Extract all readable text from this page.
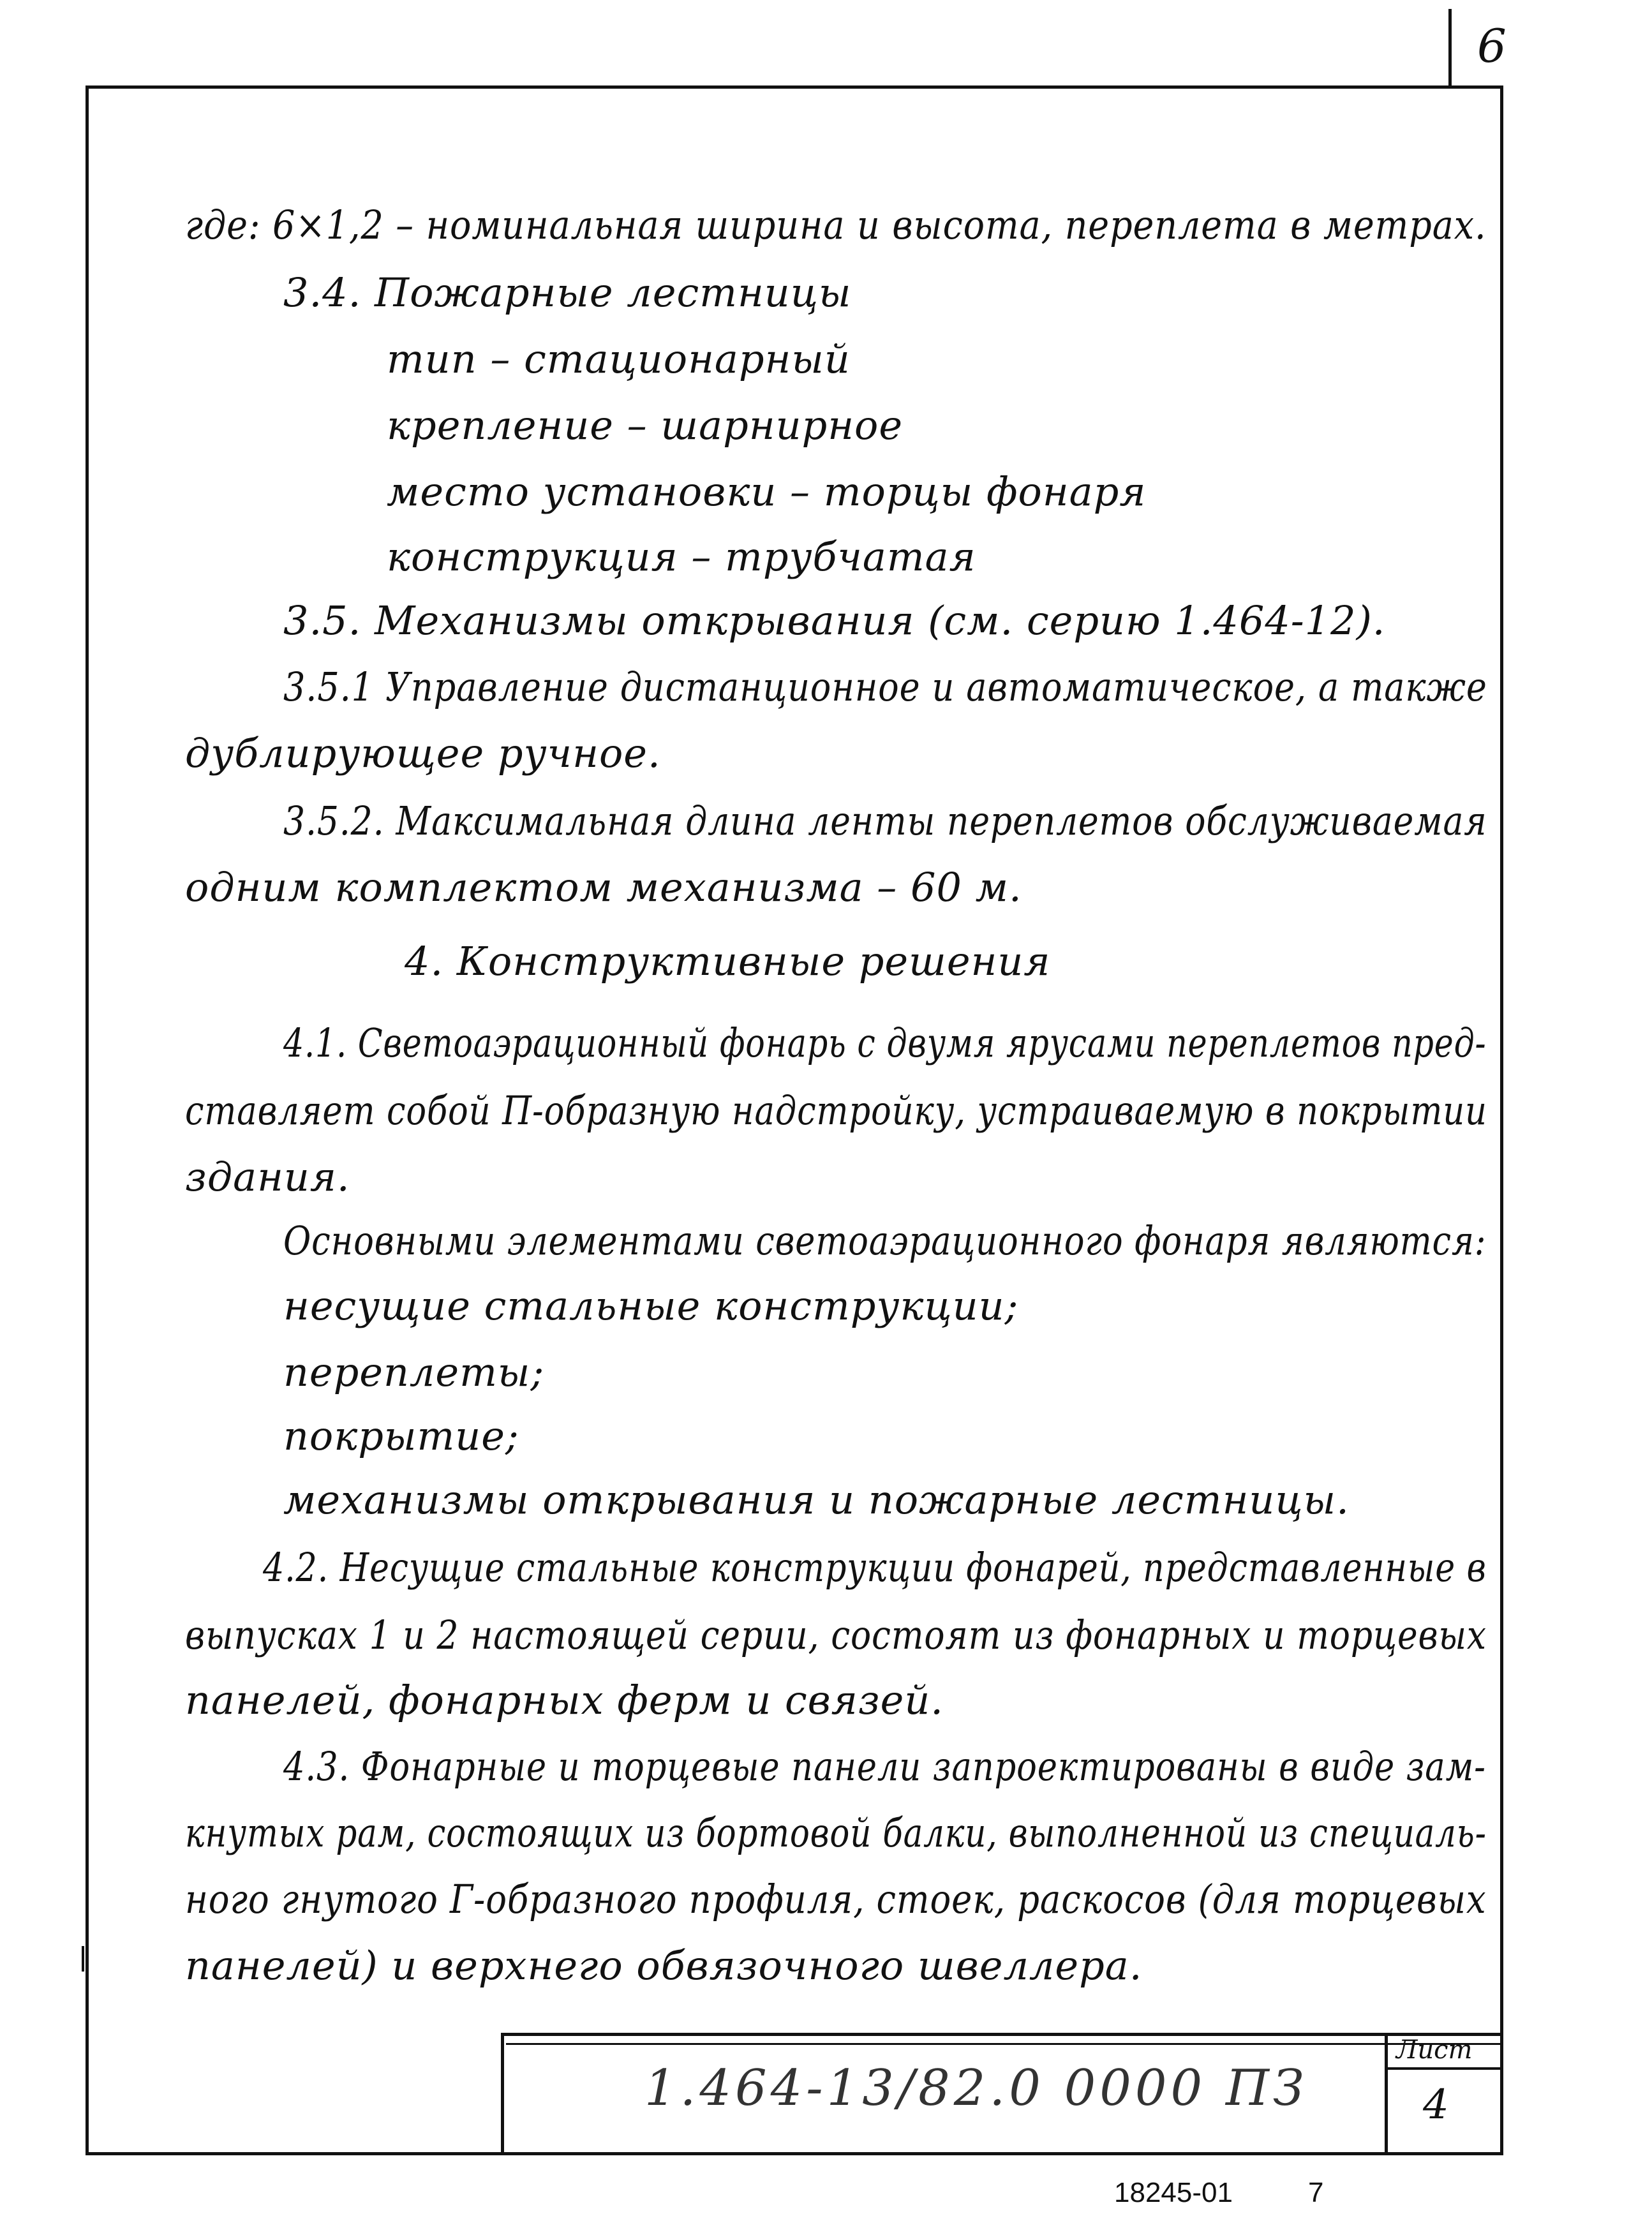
6
где: 6×1,2 – номинальная ширина и высота, переплета в метрах.
3.4. Пожарные лестницы
тип – стационарный
крепление – шарнирное
место установки – торцы фонаря
конструкция – трубчатая
3.5. Механизмы открывания (см. серию 1.464-12).
3.5.1 Управление дистанционное и автоматическое, а также
дублирующее ручное.
3.5.2. Максимальная длина ленты переплетов обслуживаемая
одним комплектом механизма – 60 м.
4. Конструктивные решения
4.1. Светоаэрационный фонарь с двумя ярусами переплетов пред-
ставляет собой П-образную надстройку, устраиваемую в покрытии
здания.
Основными элементами светоаэрационного фонаря являются:
несущие стальные конструкции;
переплеты;
покрытие;
механизмы открывания и пожарные лестницы.
4.2. Несущие стальные конструкции фонарей, представленные в
выпусках 1 и 2 настоящей серии, состоят из фонарных и торцевых
панелей, фонарных ферм и связей.
4.3. Фонарные и торцевые панели запроектированы в виде зам-
кнутых рам, состоящих из бортовой балки, выполненной из специаль-
ного гнутого Г-образного профиля, стоек, раскосов (для торцевых
панелей) и верхнего обвязочного швеллера.
1.464-13/82.0 0000 ПЗ
Лист
4
18245-01	7
